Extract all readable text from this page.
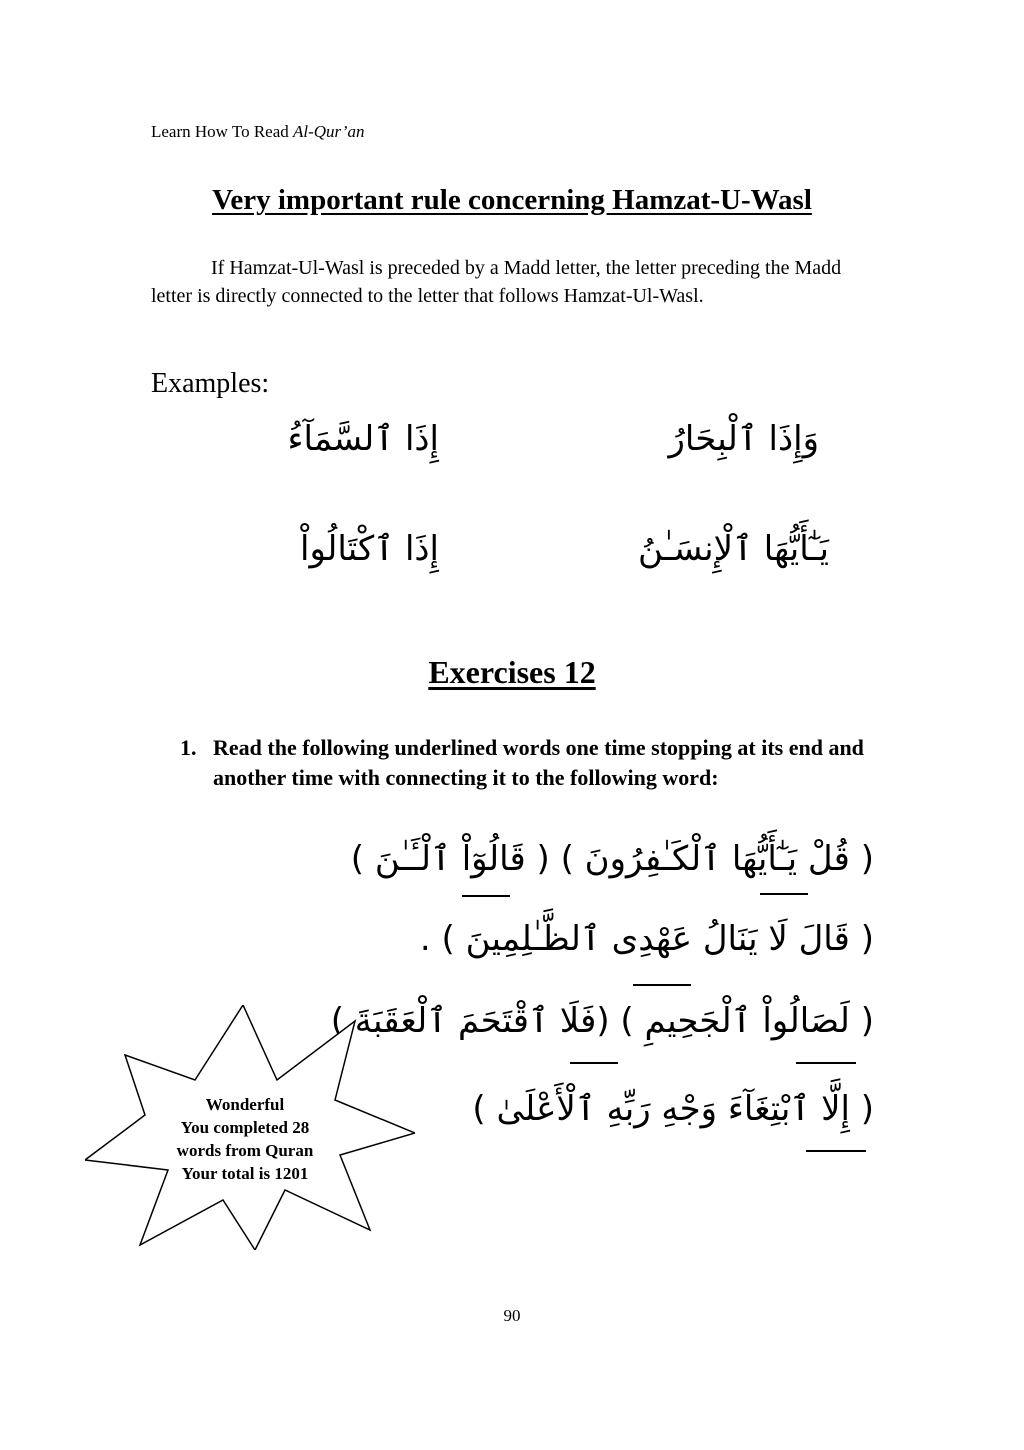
Learn How To Read Al-Qur’an
Very important rule concerning Hamzat-U-Wasl
If Hamzat-Ul-Wasl is preceded by a Madd letter, the letter preceding the Madd letter is directly connected to the letter that follows Hamzat-Ul-Wasl.
Examples:
وَإِذَا ٱلْبِحَارُ
إِذَا ٱلسَّمَآءُ
يَـٰٓأَيُّهَا ٱلْإِنسَـٰنُ
إِذَا ٱكْتَالُواْ
Exercises 12
1. Read the following underlined words one time stopping at its end and another time with connecting it to the following word:
( قُلْ يَـٰٓأَيُّهَا ٱلْكَـٰفِرُونَ ) ( قَالُوٓاْ ٱلْـَٔـٰنَ )
( قَالَ لَا يَنَالُ عَهْدِى ٱلظَّـٰلِمِينَ ) .
( لَصَالُواْ ٱلْجَحِيمِ ) (فَلَا ٱقْتَحَمَ ٱلْعَقَبَةَ )
( إِلَّا ٱبْتِغَآءَ وَجْهِ رَبِّهِ ٱلْأَعْلَىٰ )
Wonderful
You completed 28
words from Quran
Your total is 1201
90
